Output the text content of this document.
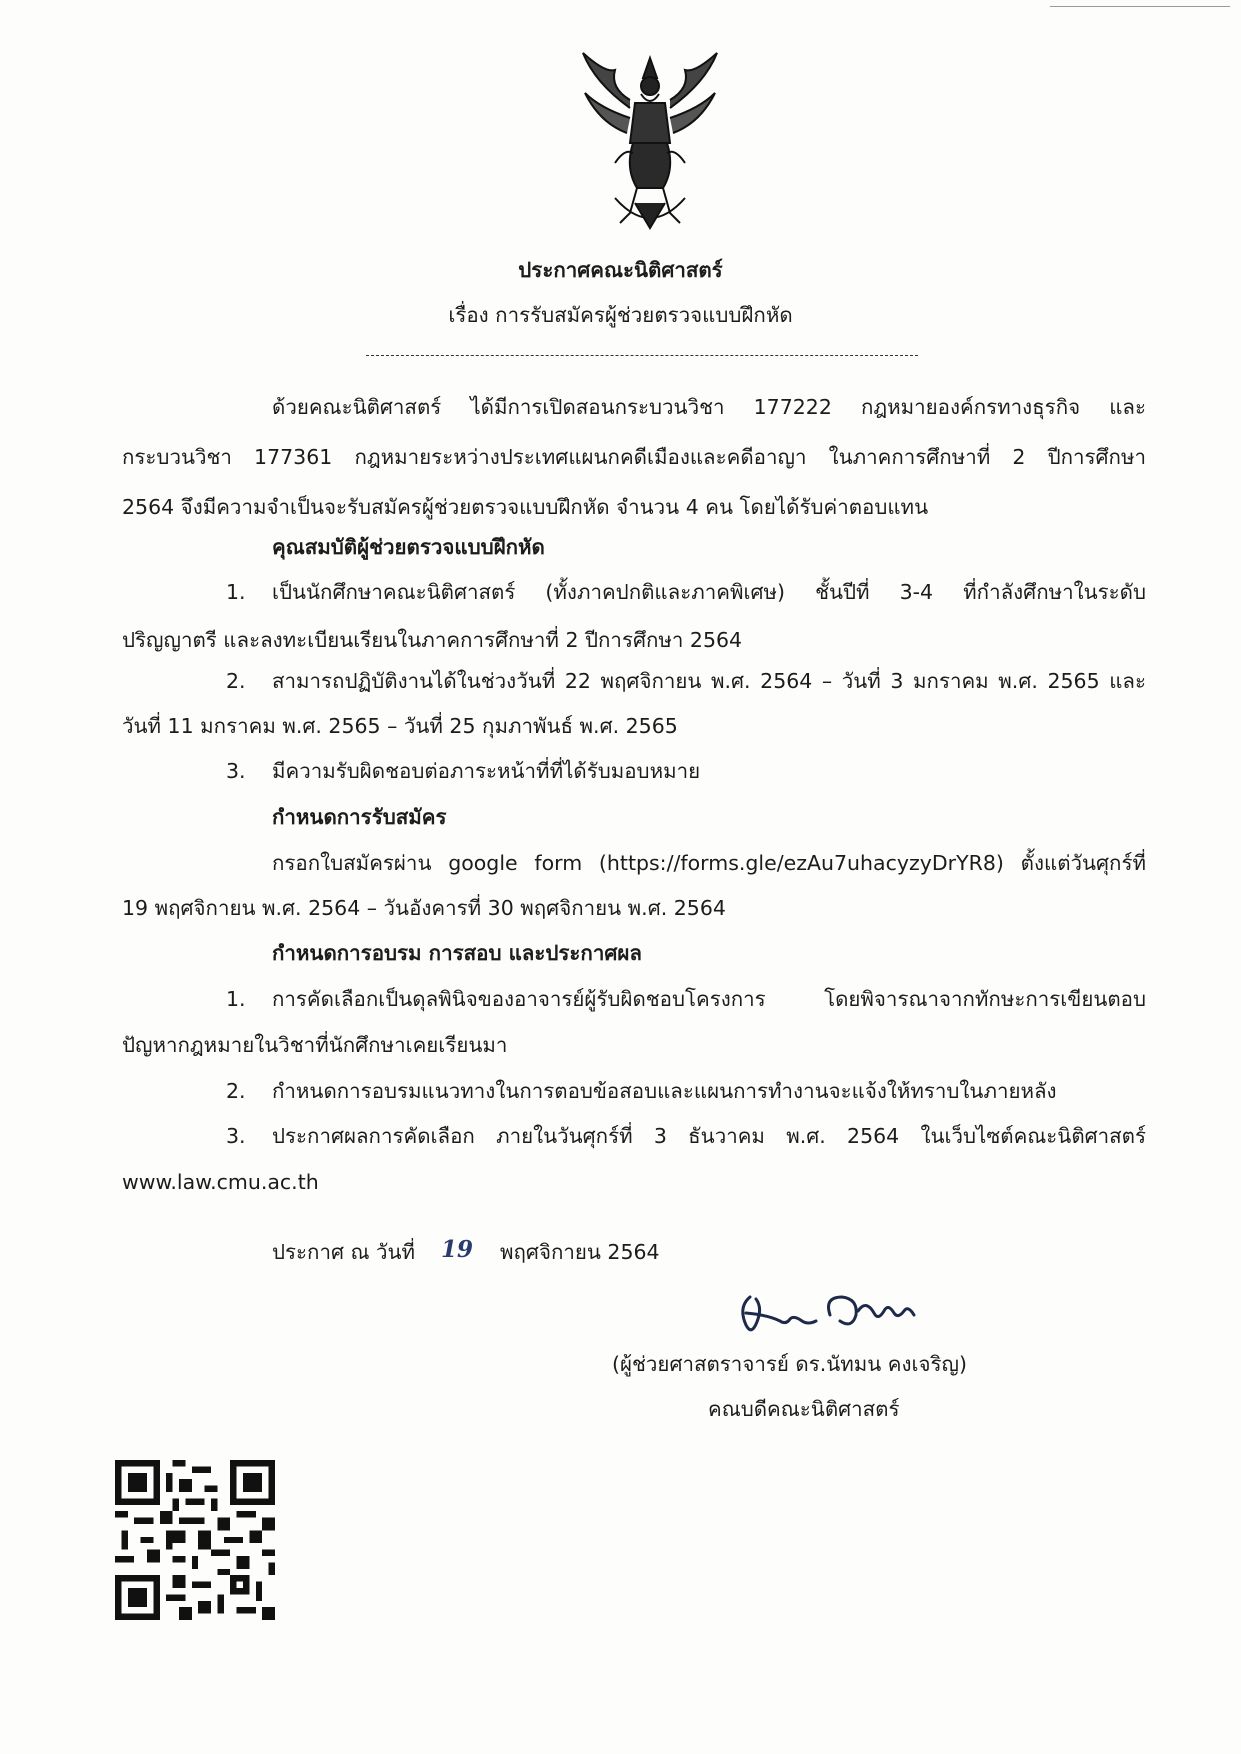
ประกาศคณะนิติศาสตร์
เรื่อง การรับสมัครผู้ช่วยตรวจแบบฝึกหัด
ด้วยคณะนิติศาสตร์ ได้มีการเปิดสอนกระบวนวิชา 177222 กฎหมายองค์กรทางธุรกิจ และ
กระบวนวิชา 177361 กฎหมายระหว่างประเทศแผนกคดีเมืองและคดีอาญา ในภาคการศึกษาที่ 2 ปีการศึกษา
2564 จึงมีความจำเป็นจะรับสมัครผู้ช่วยตรวจแบบฝึกหัด จำนวน 4 คน โดยได้รับค่าตอบแทน
คุณสมบัติผู้ช่วยตรวจแบบฝึกหัด
1. เป็นนักศึกษาคณะนิติศาสตร์ (ทั้งภาคปกติและภาคพิเศษ) ชั้นปีที่ 3-4 ที่กำลังศึกษาในระดับ
ปริญญาตรี และลงทะเบียนเรียนในภาคการศึกษาที่ 2 ปีการศึกษา 2564
2. สามารถปฏิบัติงานได้ในช่วงวันที่ 22 พฤศจิกายน พ.ศ. 2564 – วันที่ 3 มกราคม พ.ศ. 2565 และ
วันที่ 11 มกราคม พ.ศ. 2565 – วันที่ 25 กุมภาพันธ์ พ.ศ. 2565
3. มีความรับผิดชอบต่อภาระหน้าที่ที่ได้รับมอบหมาย
กำหนดการรับสมัคร
กรอกใบสมัครผ่าน google form (https://forms.gle/ezAu7uhacyzyDrYR8) ตั้งแต่วันศุกร์ที่
19 พฤศจิกายน พ.ศ. 2564 – วันอังคารที่ 30 พฤศจิกายน พ.ศ. 2564
กำหนดการอบรม การสอบ และประกาศผล
1. การคัดเลือกเป็นดุลพินิจของอาจารย์ผู้รับผิดชอบโครงการ โดยพิจารณาจากทักษะการเขียนตอบ
ปัญหากฎหมายในวิชาที่นักศึกษาเคยเรียนมา
2. กำหนดการอบรมแนวทางในการตอบข้อสอบและแผนการทำงานจะแจ้งให้ทราบในภายหลัง
3. ประกาศผลการคัดเลือก ภายในวันศุกร์ที่ 3 ธันวาคม พ.ศ. 2564 ในเว็บไซต์คณะนิติศาสตร์
www.law.cmu.ac.th
ประกาศ ณ วันที่ 19 พฤศจิกายน 2564
(ผู้ช่วยศาสตราจารย์ ดร.นัทมน คงเจริญ)
คณบดีคณะนิติศาสตร์
